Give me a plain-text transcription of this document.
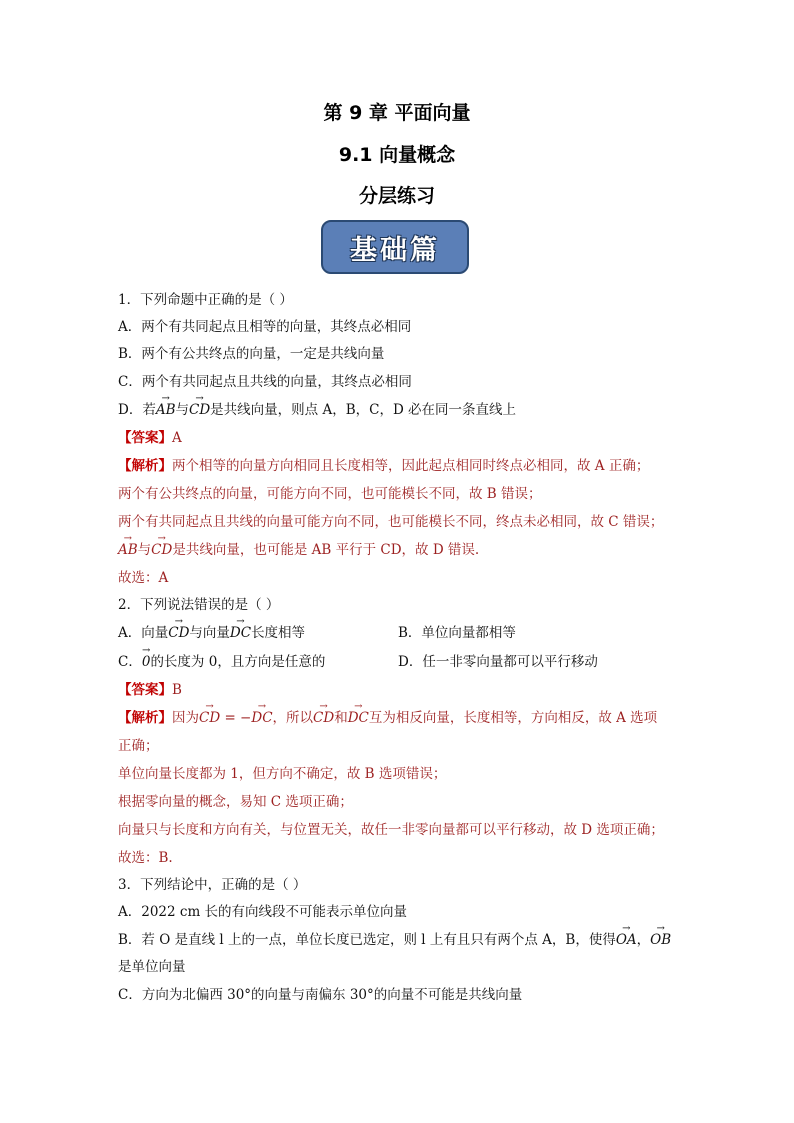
第 9 章 平面向量
9.1 向量概念
分层练习
基础篇
1．下列命题中正确的是（ ）
A．两个有共同起点且相等的向量，其终点必相同
B．两个有公共终点的向量，一定是共线向量
C．两个有共同起点且共线的向量，其终点必相同
D．若→ AB与→ CD是共线向量，则点 A，B，C，D 必在同一条直线上
【答案】A
【解析】两个相等的向量方向相同且长度相等，因此起点相同时终点必相同，故 A 正确；
两个有公共终点的向量，可能方向不同，也可能模长不同，故 B 错误；
两个有共同起点且共线的向量可能方向不同，也可能模长不同，终点未必相同，故 C 错误；
→ AB与→ CD是共线向量，也可能是 AB 平行于 CD，故 D 错误.
故选：A
2．下列说法错误的是（ ）
A．向量→ CD与向量→ DC长度相等	B．单位向量都相等
C．→ 0的长度为 0，且方向是任意的	D．任一非零向量都可以平行移动
【答案】B
【解析】因为→ CD = −→ DC，所以→ CD和→ DC互为相反向量，长度相等，方向相反，故 A 选项
正确；
单位向量长度都为 1，但方向不确定，故 B 选项错误；
根据零向量的概念，易知 C 选项正确；
向量只与长度和方向有关，与位置无关，故任一非零向量都可以平行移动，故 D 选项正确；
故选：B.
3．下列结论中，正确的是（ ）
A．2022 cm 长的有向线段不可能表示单位向量
B．若 O 是直线 l 上的一点，单位长度已选定，则 l 上有且只有两个点 A，B，使得→ OA，→ OB
是单位向量
C．方向为北偏西 30°的向量与南偏东 30°的向量不可能是共线向量
